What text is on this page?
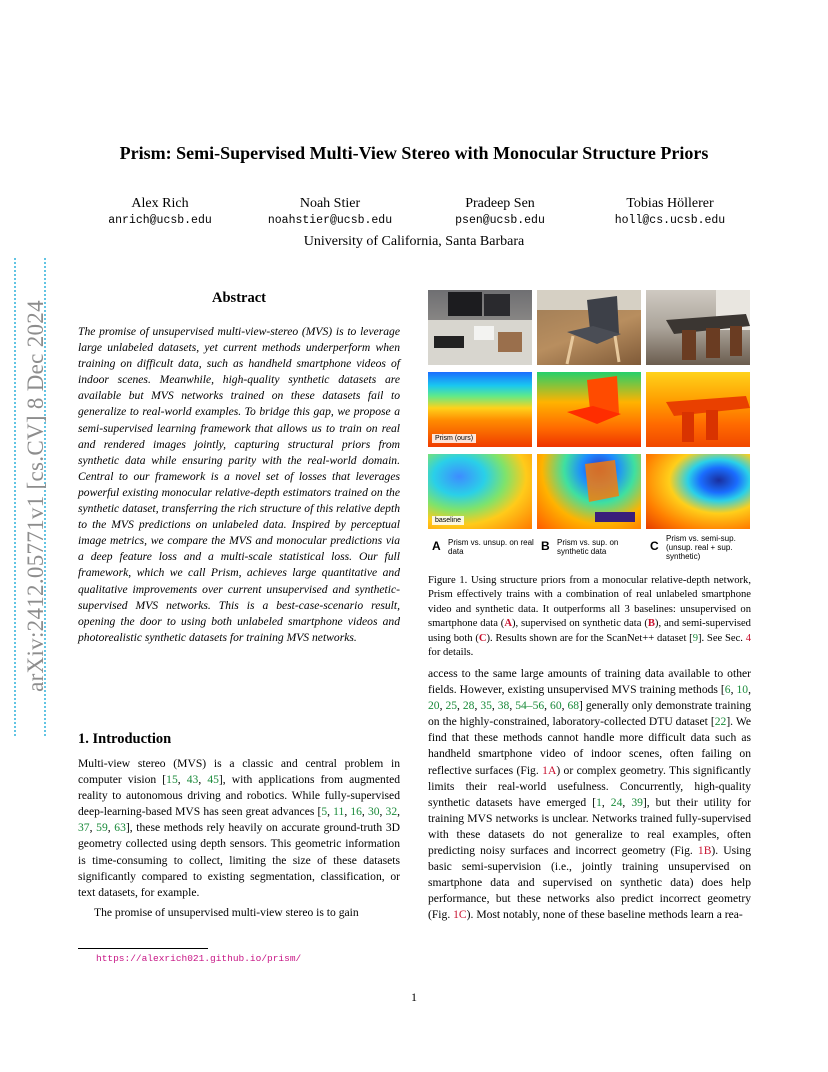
arXiv:2412.05771v1 [cs.CV] 8 Dec 2024
Prism: Semi-Supervised Multi-View Stereo with Monocular Structure Priors
Alex Rich
anrich@ucsb.edu
Noah Stier
noahstier@ucsb.edu
Pradeep Sen
psen@ucsb.edu
Tobias Höllerer
holl@cs.ucsb.edu
University of California, Santa Barbara
Abstract
The promise of unsupervised multi-view-stereo (MVS) is to leverage large unlabeled datasets, yet current methods underperform when training on difficult data, such as handheld smartphone videos of indoor scenes. Meanwhile, high-quality synthetic datasets are available but MVS networks trained on these datasets fail to generalize to real-world examples. To bridge this gap, we propose a semi-supervised learning framework that allows us to train on real and rendered images jointly, capturing structural priors from synthetic data while ensuring parity with the real-world domain. Central to our framework is a novel set of losses that leverages powerful existing monocular relative-depth estimators trained on the synthetic dataset, transferring the rich structure of this relative depth to the MVS predictions on unlabeled data. Inspired by perceptual image metrics, we compare the MVS and monocular predictions via a deep feature loss and a multi-scale statistical loss. Our full framework, which we call Prism, achieves large quantitative and qualitative improvements over current unsupervised and synthetic-supervised MVS networks. This is a best-case-scenario result, opening the door to using both unlabeled smartphone videos and photorealistic synthetic datasets for training MVS networks.
1. Introduction

Multi-view stereo (MVS) is a classic and central problem in computer vision [15, 43, 45], with applications from augmented reality to autonomous driving and robotics. While fully-supervised deep-learning-based MVS has seen great advances [5, 11, 16, 30, 32, 37, 59, 63], these methods rely heavily on accurate ground-truth 3D geometry collected using depth sensors. This geometric information is time-consuming to collect, limiting the size of these datasets significantly compared to existing segmentation, classification, or text datasets, for example.

The promise of unsupervised multi-view stereo is to gain

https://alexrich021.github.io/prism/
Prism (ours)
baseline
A Prism vs. unsup. on real data	B Prism vs. sup. on synthetic data	C
Prism vs. semi-sup. (unsup. real + sup. synthetic)
Figure 1. Using structure priors from a monocular relative-depth network, Prism effectively trains with a combination of real unlabeled smartphone video and synthetic data. It outperforms all 3 baselines: unsupervised on smartphone data (A), supervised on synthetic data (B), and semi-supervised using both (C). Results shown are for the ScanNet++ dataset [9]. See Sec. 4 for details.
access to the same large amounts of training data available to other fields. However, existing unsupervised MVS training methods [6, 10, 20, 25, 28, 35, 38, 54–56, 60, 68] generally only demonstrate training on the highly-constrained, laboratory-collected DTU dataset [22]. We find that these methods cannot handle more difficult data such as handheld smartphone video of indoor scenes, often failing on reflective surfaces (Fig. 1A) or complex geometry. This significantly limits their real-world usefulness. Concurrently, high-quality synthetic datasets have emerged [1, 24, 39], but their utility for training MVS networks is unclear. Networks trained fully-supervised with these datasets do not generalize to real examples, often predicting noisy surfaces and incorrect geometry (Fig. 1B). Using basic semi-supervision (i.e., jointly training unsupervised on smartphone data and supervised on synthetic data) does help performance, but these networks also predict incorrect geometry (Fig. 1C). Most notably, none of these baseline methods learn a rea-
1
